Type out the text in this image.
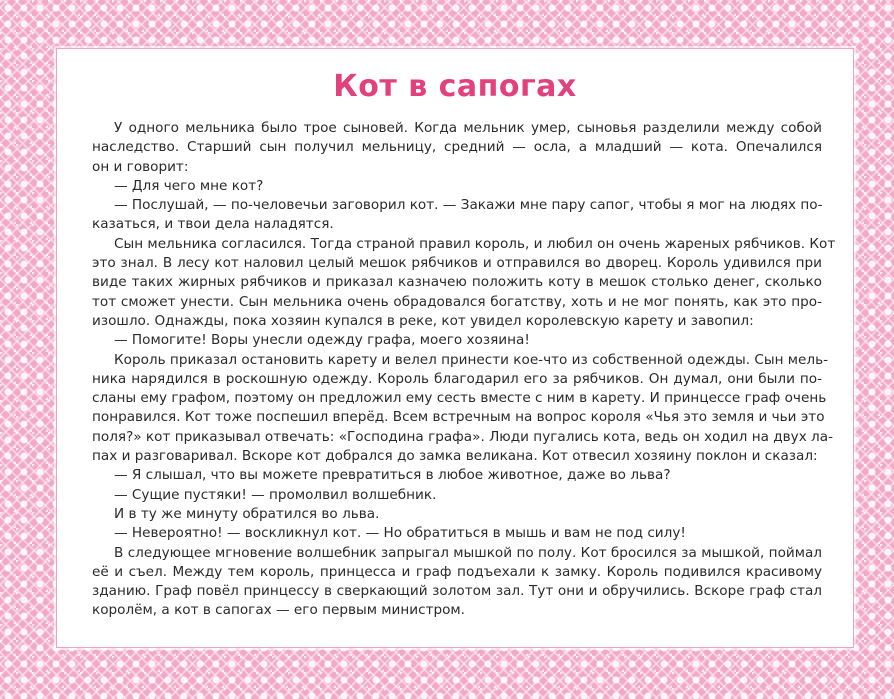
Кот в сапогах
У одного мельника было трое сыновей. Когда мельник умер, сыновья разделили между собой
наследство. Старший сын получил мельницу, средний — осла, а младший — кота. Опечалился
он и говорит:
— Для чего мне кот?
— Послушай, — по-человечьи заговорил кот. — Закажи мне пару сапог, чтобы я мог на людях по-
казаться, и твои дела наладятся.
Сын мельника согласился. Тогда страной правил король, и любил он очень жареных рябчиков. Кот
это знал. В лесу кот наловил целый мешок рябчиков и отправился во дворец. Король удивился при
виде таких жирных рябчиков и приказал казначею положить коту в мешок столько денег, сколько
тот сможет унести. Сын мельника очень обрадовался богатству, хоть и не мог понять, как это про-
изошло. Однажды, пока хозяин купался в реке, кот увидел королевскую карету и завопил:
— Помогите! Воры унесли одежду графа, моего хозяина!
Король приказал остановить карету и велел принести кое-что из собственной одежды. Сын мель-
ника нарядился в роскошную одежду. Король благодарил его за рябчиков. Он думал, они были по-
сланы ему графом, поэтому он предложил ему сесть вместе с ним в карету. И принцессе граф очень
понравился. Кот тоже поспешил вперёд. Всем встречным на вопрос короля «Чья это земля и чьи это
поля?» кот приказывал отвечать: «Господина графа». Люди пугались кота, ведь он ходил на двух ла-
пах и разговаривал. Вскоре кот добрался до замка великана. Кот отвесил хозяину поклон и сказал:
— Я слышал, что вы можете превратиться в любое животное, даже во льва?
— Сущие пустяки! — промолвил волшебник.
И в ту же минуту обратился во льва.
— Невероятно! — воскликнул кот. — Но обратиться в мышь и вам не под силу!
В следующее мгновение волшебник запрыгал мышкой по полу. Кот бросился за мышкой, поймал
её и съел. Между тем король, принцесса и граф подъехали к замку. Король подивился красивому
зданию. Граф повёл принцессу в сверкающий золотом зал. Тут они и обручились. Вскоре граф стал
королём, а кот в сапогах — его первым министром.
